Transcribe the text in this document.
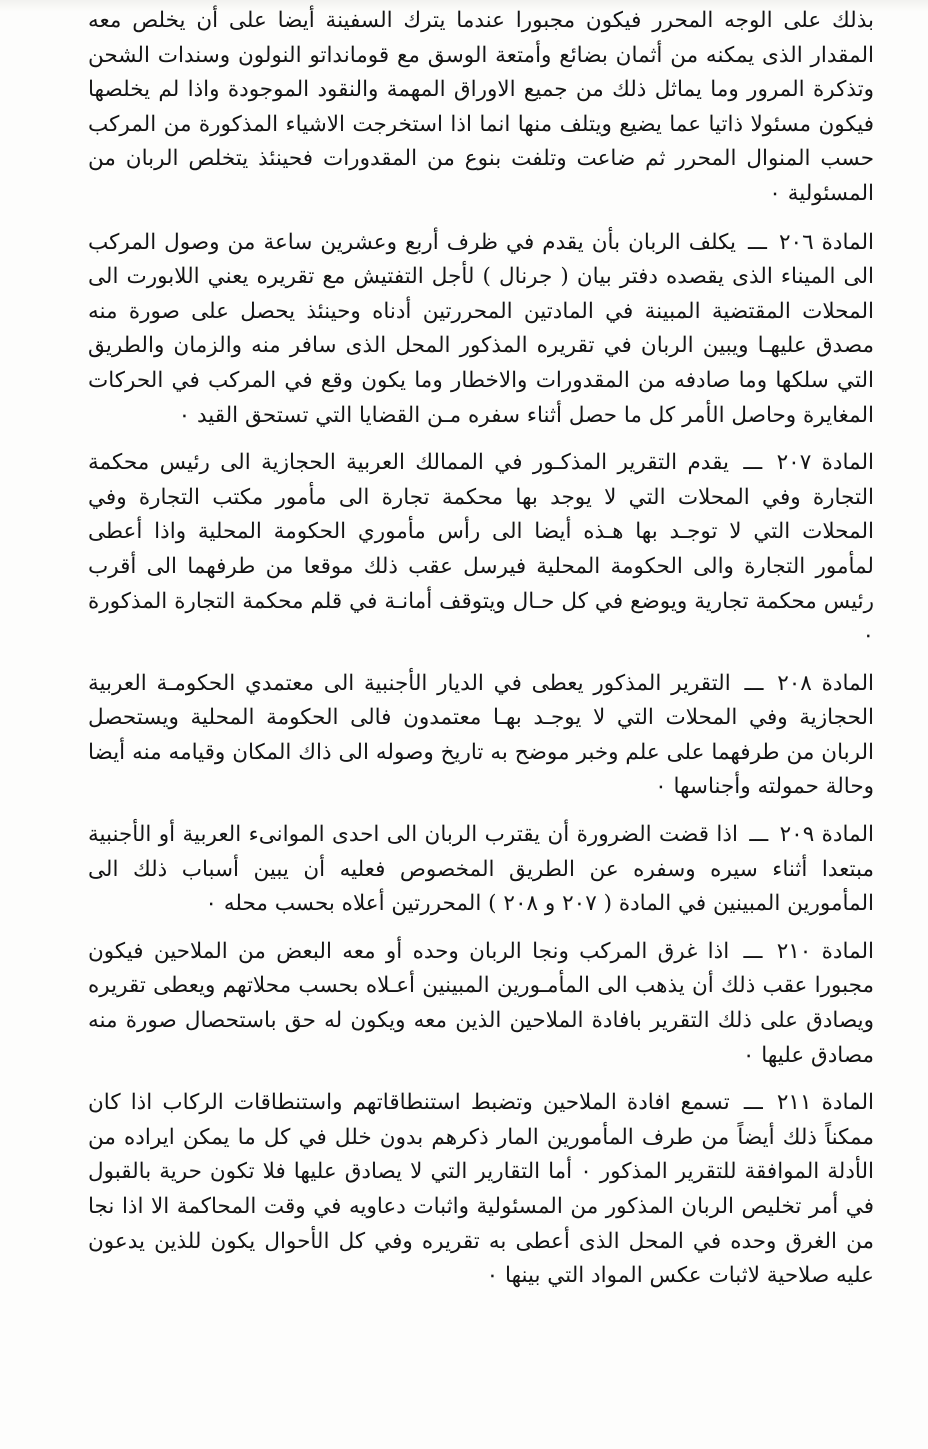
بذلك على الوجه المحرر فيكون مجبورا عندما يترك السفينة أيضا على أن يخلص معه المقدار الذى يمكنه من أثمان بضائع وأمتعة الوسق مع قومانداتو النولون وسندات الشحن وتذكرة المرور وما يماثل ذلك من جميع الاوراق المهمة والنقود الموجودة واذا لم يخلصها فيكون مسئولا ذاتيا عما يضيع ويتلف منها انما اذا استخرجت الاشياء المذكورة من المركب حسب المنوال المحرر ثم ضاعت وتلفت بنوع من المقدورات فحينئذ يتخلص الربان من المسئولية ٠

المادة ٢٠٦ ـــ يكلف الربان بأن يقدم في ظرف أربع وعشرين ساعة من وصول المركب الى الميناء الذى يقصده دفتر بيان ( جرنال ) لأجل التفتيش مع تقريره يعني اللابورت الى المحلات المقتضية المبينة في المادتين المحررتين أدناه وحينئذ يحصل على صورة منه مصدق عليهـا ويبين الربان في تقريره المذكور المحل الذى سافر منه والزمان والطريق التي سلكها وما صادفه من المقدورات والاخطار وما يكون وقع في المركب في الحركات المغايرة وحاصل الأمر كل ما حصل أثناء سفره مـن القضايا التي تستحق القيد ٠

المادة ٢٠٧ ـــ يقدم التقرير المذكـور في الممالك العربية الحجازية الى رئيس محكمة التجارة وفي المحلات التي لا يوجد بها محكمة تجارة الى مأمور مكتب التجارة وفي المحلات التي لا توجـد بها هـذه أيضا الى رأس مأموري الحكومة المحلية واذا أعطى لمأمور التجارة والى الحكومة المحلية فيرسل عقب ذلك موقعا من طرفهما الى أقرب رئيس محكمة تجارية ويوضع في كل حـال ويتوقف أمانـة في قلم محكمة التجارة المذكورة ٠

المادة ٢٠٨ ـــ التقرير المذكور يعطى في الديار الأجنبية الى معتمدي الحكومـة العربية الحجازية وفي المحلات التي لا يوجـد بهـا معتمدون فالى الحكومة المحلية ويستحصل الربان من طرفهما على علم وخبر موضح به تاريخ وصوله الى ذاك المكان وقيامه منه أيضا وحالة حمولته وأجناسها ٠

المادة ٢٠٩ ـــ اذا قضت الضرورة أن يقترب الربان الى احدى الموانىء العربية أو الأجنبية مبتعدا أثناء سيره وسفره عن الطريق المخصوص فعليه أن يبين أسباب ذلك الى المأمورين المبينين في المادة ( ٢٠٧ و ٢٠٨ ) المحررتين أعلاه بحسب محله ٠

المادة ٢١٠ ـــ اذا غرق المركب ونجا الربان وحده أو معه البعض من الملاحين فيكون مجبورا عقب ذلك أن يذهب الى المأمـورين المبينين أعـلاه بحسب محلاتهم ويعطى تقريره ويصادق على ذلك التقرير بافادة الملاحين الذين معه ويكون له حق باستحصال صورة منه مصادق عليها ٠

المادة ٢١١ ـــ تسمع افادة الملاحين وتضبط استنطاقاتهم واستنطاقات الركاب اذا كان ممكناً ذلك أيضاً من طرف المأمورين المار ذكرهم بدون خلل في كل ما يمكن ايراده من الأدلة الموافقة للتقرير المذكور ٠ أما التقارير التي لا يصادق عليها فلا تكون حرية بالقبول في أمر تخليص الربان المذكور من المسئولية واثبات دعاويه في وقت المحاكمة الا اذا نجا من الغرق وحده في المحل الذى أعطى به تقريره وفي كل الأحوال يكون للذين يدعون عليه صلاحية لاثبات عكس المواد التي بينها ٠
